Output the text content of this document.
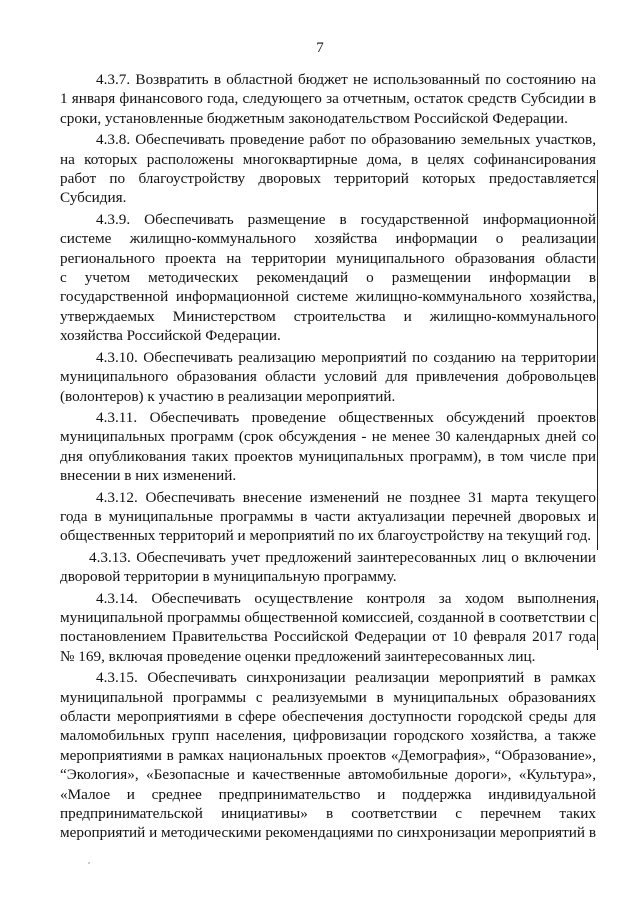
7
4.3.7. Возвратить в областной бюджет не использованный по состоянию на
1 января финансового года, следующего за отчетным, остаток средств Субсидии в
сроки, установленные бюджетным законодательством Российской Федерации.
4.3.8. Обеспечивать проведение работ по образованию земельных участков,
на которых расположены многоквартирные дома, в целях софинансирования
работ по благоустройству дворовых территорий которых предоставляется
Субсидия.
4.3.9. Обеспечивать размещение в государственной информационной
системе жилищно-коммунального хозяйства информации о реализации
регионального проекта на территории муниципального образования области
с учетом методических рекомендаций о размещении информации в
государственной информационной системе жилищно-коммунального хозяйства,
утверждаемых Министерством строительства и жилищно-коммунального
хозяйства Российской Федерации.
4.3.10. Обеспечивать реализацию мероприятий по созданию на территории
муниципального образования области условий для привлечения добровольцев
(волонтеров) к участию в реализации мероприятий.
4.3.11. Обеспечивать проведение общественных обсуждений проектов
муниципальных программ (срок обсуждения - не менее 30 календарных дней со
дня опубликования таких проектов муниципальных программ), в том числе при
внесении в них изменений.
4.3.12. Обеспечивать внесение изменений не позднее 31 марта текущего
года в муниципальные программы в части актуализации перечней дворовых и
общественных территорий и мероприятий по их благоустройству на текущий год.
4.3.13. Обеспечивать учет предложений заинтересованных лиц о включении
дворовой территории в муниципальную программу.
4.3.14. Обеспечивать осуществление контроля за ходом выполнения
муниципальной программы общественной комиссией, созданной в соответствии с
постановлением Правительства Российской Федерации от 10 февраля 2017 года
№ 169, включая проведение оценки предложений заинтересованных лиц.
4.3.15. Обеспечивать синхронизации реализации мероприятий в рамках
муниципальной программы с реализуемыми в муниципальных образованиях
области мероприятиями в сфере обеспечения доступности городской среды для
маломобильных групп населения, цифровизации городского хозяйства, а также
мероприятиями в рамках национальных проектов «Демография», “Образование»,
“Экология», «Безопасные и качественные автомобильные дороги», «Культура»,
«Малое и среднее предпринимательство и поддержка индивидуальной
предпринимательской инициативы» в соответствии с перечнем таких
мероприятий и методическими рекомендациями по синхронизации мероприятий в
